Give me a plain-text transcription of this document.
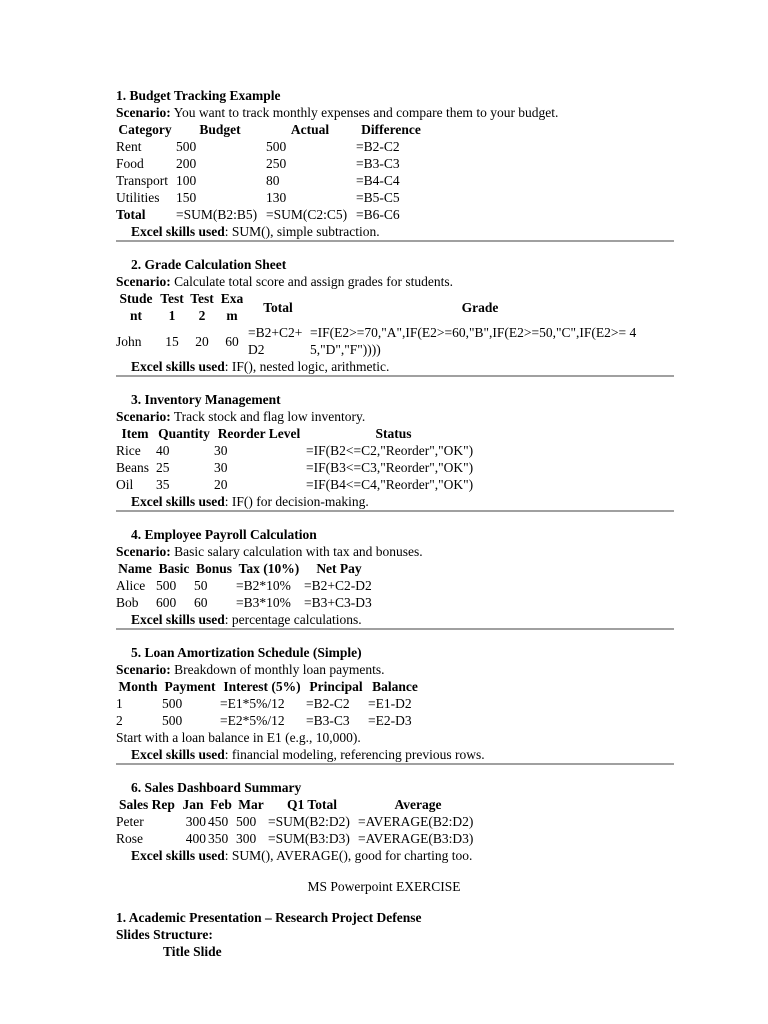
1. Budget Tracking Example
Scenario: You want to track monthly expenses and compare them to your budget.
Category	Budget	Actual	Difference
Rent	500	500	=B2-C2
Food	200	250	=B3-C3
Transport	100	80	=B4-C4
Utilities	150	130	=B5-C5
Total	=SUM(B2:B5)	=SUM(C2:C5)	=B6-C6
Excel skills used: SUM(), simple subtraction.
2. Grade Calculation Sheet
Scenario: Calculate total score and assign grades for students.
Stude nt	Test 1	Test 2	Exa m	Total	Grade
John	15	20	60	=B2+C2+ D2	=IF(E2>=70,"A",IF(E2>=60,"B",IF(E2>=50,"C",IF(E2>= 45,"D","F"))))
Excel skills used: IF(), nested logic, arithmetic.
3. Inventory Management
Scenario: Track stock and flag low inventory.
Item	Quantity	Reorder Level	Status
Rice	40	30	=IF(B2<=C2,"Reorder","OK")
Beans	25	30	=IF(B3<=C3,"Reorder","OK")
Oil	35	20	=IF(B4<=C4,"Reorder","OK")
Excel skills used: IF() for decision-making.
4. Employee Payroll Calculation
Scenario: Basic salary calculation with tax and bonuses.
Name	Basic	Bonus	Tax (10%)	Net Pay
Alice	500	50	=B2*10%	=B2+C2-D2
Bob	600	60	=B3*10%	=B3+C3-D3
Excel skills used: percentage calculations.
5. Loan Amortization Schedule (Simple)
Scenario: Breakdown of monthly loan payments.
Month	Payment	Interest (5%)	Principal	Balance
1	500	=E1*5%/12	=B2-C2	=E1-D2
2	500	=E2*5%/12	=B3-C3	=E2-D3
Start with a loan balance in E1 (e.g., 10,000).
Excel skills used: financial modeling, referencing previous rows.
6. Sales Dashboard Summary
Sales Rep	Jan	Feb	Mar	Q1 Total	Average
Peter	300	450	500	=SUM(B2:D2)	=AVERAGE(B2:D2)
Rose	400	350	300	=SUM(B3:D3)	=AVERAGE(B3:D3)
Excel skills used: SUM(), AVERAGE(), good for charting too.
MS Powerpoint EXERCISE
1. Academic Presentation – Research Project Defense
Slides Structure:
Title Slide
